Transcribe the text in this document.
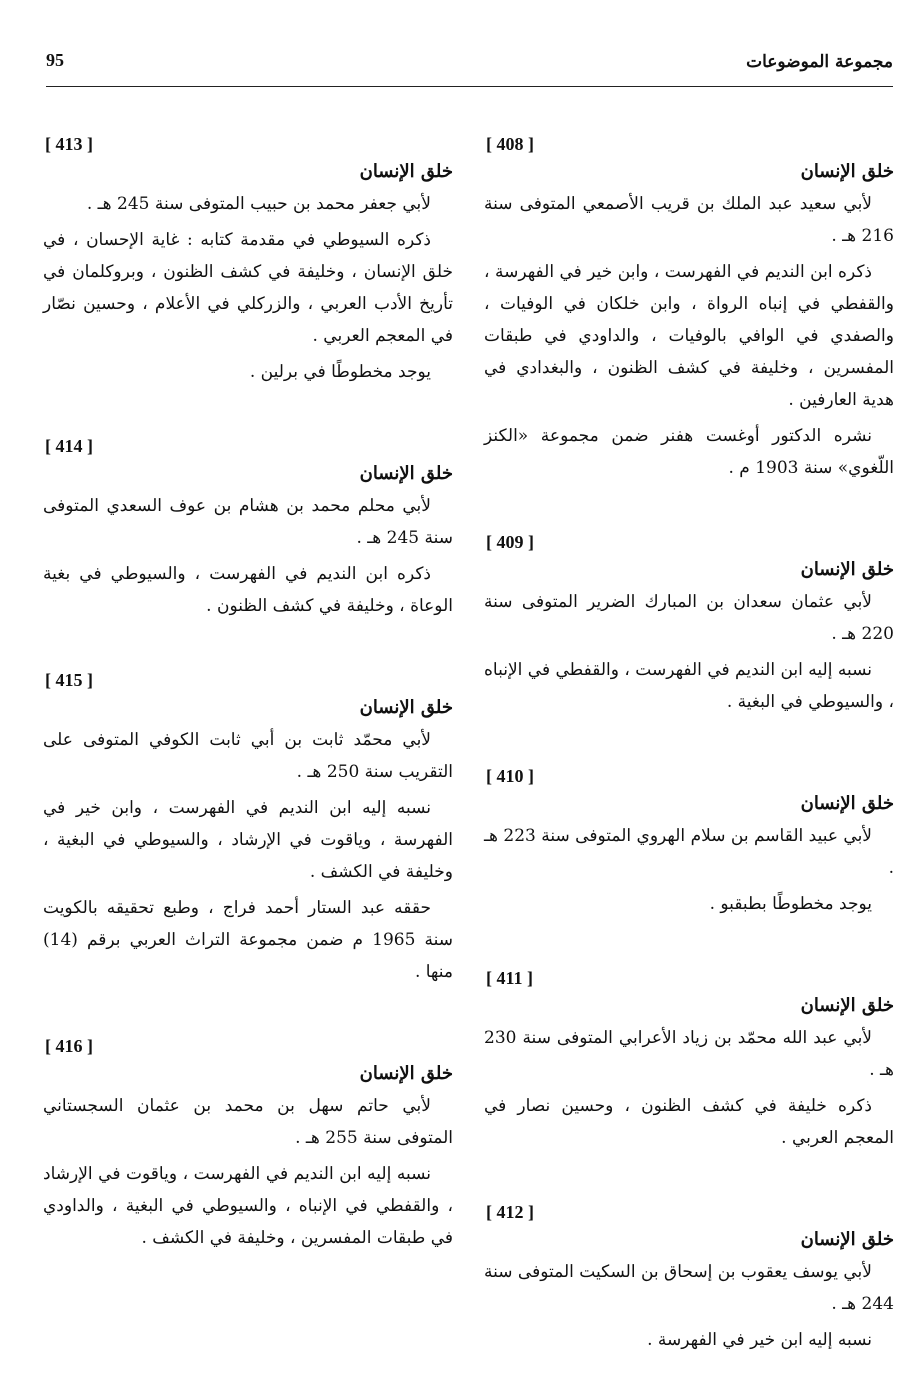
95	مجموعة الموضوعات
[ 408 ]
خلق الإنسان

لأبي سعيد عبد الملك بن قريب الأصمعي المتوفى سنة 216 هـ .

ذكره ابن النديم في الفهرست ، وابن خير في الفهرسة ، والقفطي في إنباه الرواة ، وابن خلكان في الوفيات ، والصفدي في الوافي بالوفيات ، والداودي في طبقات المفسرين ، وخليفة في كشف الظنون ، والبغدادي في هدية العارفين .

نشره الدكتور أوغست هفنر ضمن مجموعة «الكنز اللّغوي» سنة 1903 م .

[ 409 ]
خلق الإنسان

لأبي عثمان سعدان بن المبارك الضرير المتوفى سنة 220 هـ .

نسبه إليه ابن النديم في الفهرست ، والقفطي في الإنباه ، والسيوطي في البغية .

[ 410 ]
خلق الإنسان

لأبي عبيد القاسم بن سلام الهروي المتوفى سنة 223 هـ .

يوجد مخطوطًا بطبقبو .

[ 411 ]
خلق الإنسان

لأبي عبد الله محمّد بن زياد الأعرابي المتوفى سنة 230 هـ .

ذكره خليفة في كشف الظنون ، وحسين نصار في المعجم العربي .

[ 412 ]
خلق الإنسان

لأبي يوسف يعقوب بن إسحاق بن السكيت المتوفى سنة 244 هـ .

نسبه إليه ابن خير في الفهرسة .

[ 413 ]
خلق الإنسان

لأبي جعفر محمد بن حبيب المتوفى سنة 245 هـ .

ذكره السيوطي في مقدمة كتابه : غاية الإحسان ، في خلق الإنسان ، وخليفة في كشف الظنون ، وبروكلمان في تأريخ الأدب العربي ، والزركلي في الأعلام ، وحسين نصّار في المعجم العربي .

يوجد مخطوطًا في برلين .

[ 414 ]
خلق الإنسان

لأبي محلم محمد بن هشام بن عوف السعدي المتوفى سنة 245 هـ .

ذكره ابن النديم في الفهرست ، والسيوطي في بغية الوعاة ، وخليفة في كشف الظنون .

[ 415 ]
خلق الإنسان

لأبي محمّد ثابت بن أبي ثابت الكوفي المتوفى على التقريب سنة 250 هـ .

نسبه إليه ابن النديم في الفهرست ، وابن خير في الفهرسة ، وياقوت في الإرشاد ، والسيوطي في البغية ، وخليفة في الكشف .

حققه عبد الستار أحمد فراج ، وطبع تحقيقه بالكويت سنة 1965 م ضمن مجموعة التراث العربي برقم (14) منها .

[ 416 ]
خلق الإنسان

لأبي حاتم سهل بن محمد بن عثمان السجستاني المتوفى سنة 255 هـ .

نسبه إليه ابن النديم في الفهرست ، وياقوت في الإرشاد ، والقفطي في الإنباه ، والسيوطي في البغية ، والداودي في طبقات المفسرين ، وخليفة في الكشف .
